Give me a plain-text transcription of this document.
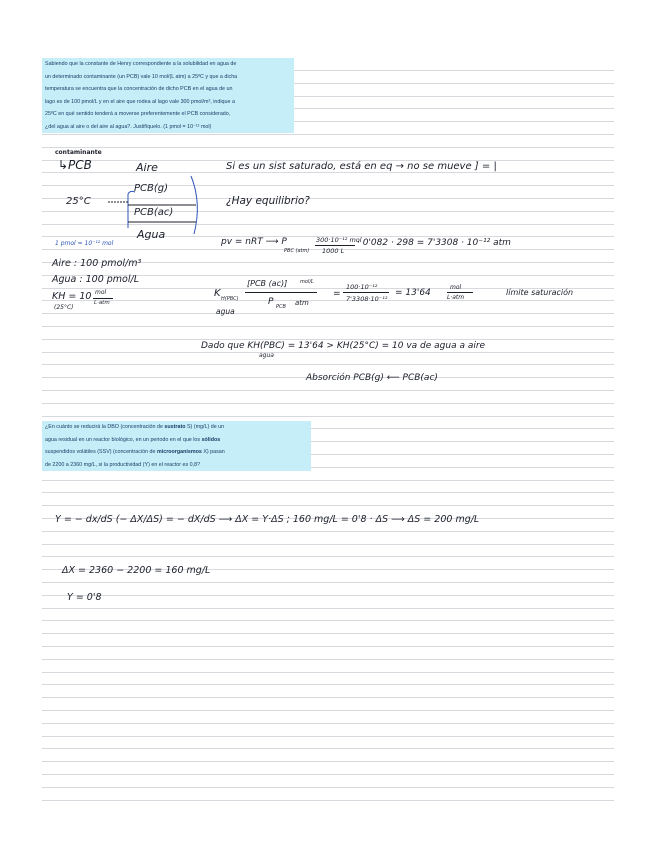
Sabiendo que la constante de Henry correspondiente a la solubilidad en agua de
un determinado contaminante (un PCB) vale 10 mol/(L atm) a 25ºC y que a dicha
temperatura se encuentra que la concentración de dicho PCB en el agua de un
lago es de 100 pmol/L y en el aire que rodea al lago vale 300 pmol/m³, indique a
25ºC en qué sentido tenderá a moverse preferentemente el PCB considerado,
¿del agua al aire o del aire al agua?. Justifíquelo. (1 pmol = 10⁻¹² mol)
contaminante
↳PCB	Aire
25°C
PCB(g)
PCB(ac)
Agua
Si es un sist saturado, está en eq → no se mueve ] = |
¿Hay equilibrio?
1 pmol = 10⁻¹² mol	pv = nRT ⟶ P
PBC (atm)
300·10⁻¹² mol
1000 L
· 0'082 · 298 = 7'3308 · 10⁻¹² atm
Aire : 100 pmol/m³
Agua : 100 pmol/L
KH = 10 mol
L·atm
(25°C)
K H(PBC)
agua
[PCB (ac)]	mol/L
P PCB atm
=
100·10⁻¹²
7'3308·10⁻¹²
= 13'64
mol
L·atm
límite saturación
Dado que KH(PBC) = 13'64 > KH(25°C) = 10 va de agua a aire
agua
Absorción PCB(g) ⟵ PCB(ac)
¿En cuánto se reducirá la DBO (concentración de sustrato S) (mg/L) de un
agua residual en un reactor biológico, en un periodo en el que los sólidos
suspendidos volátiles (SSV) (concentración de microorganismos X) pasan
de 2200 a 2360 mg/L, si la productividad (Y) en el reactor es 0,8?
Y = − dx/dS (− ΔX/ΔS) = − dX/dS ⟶ ΔX = Y·ΔS ; 160 mg/L = 0'8 · ΔS ⟶ ΔS = 200 mg/L
ΔX = 2360 − 2200 = 160 mg/L
Y = 0'8
